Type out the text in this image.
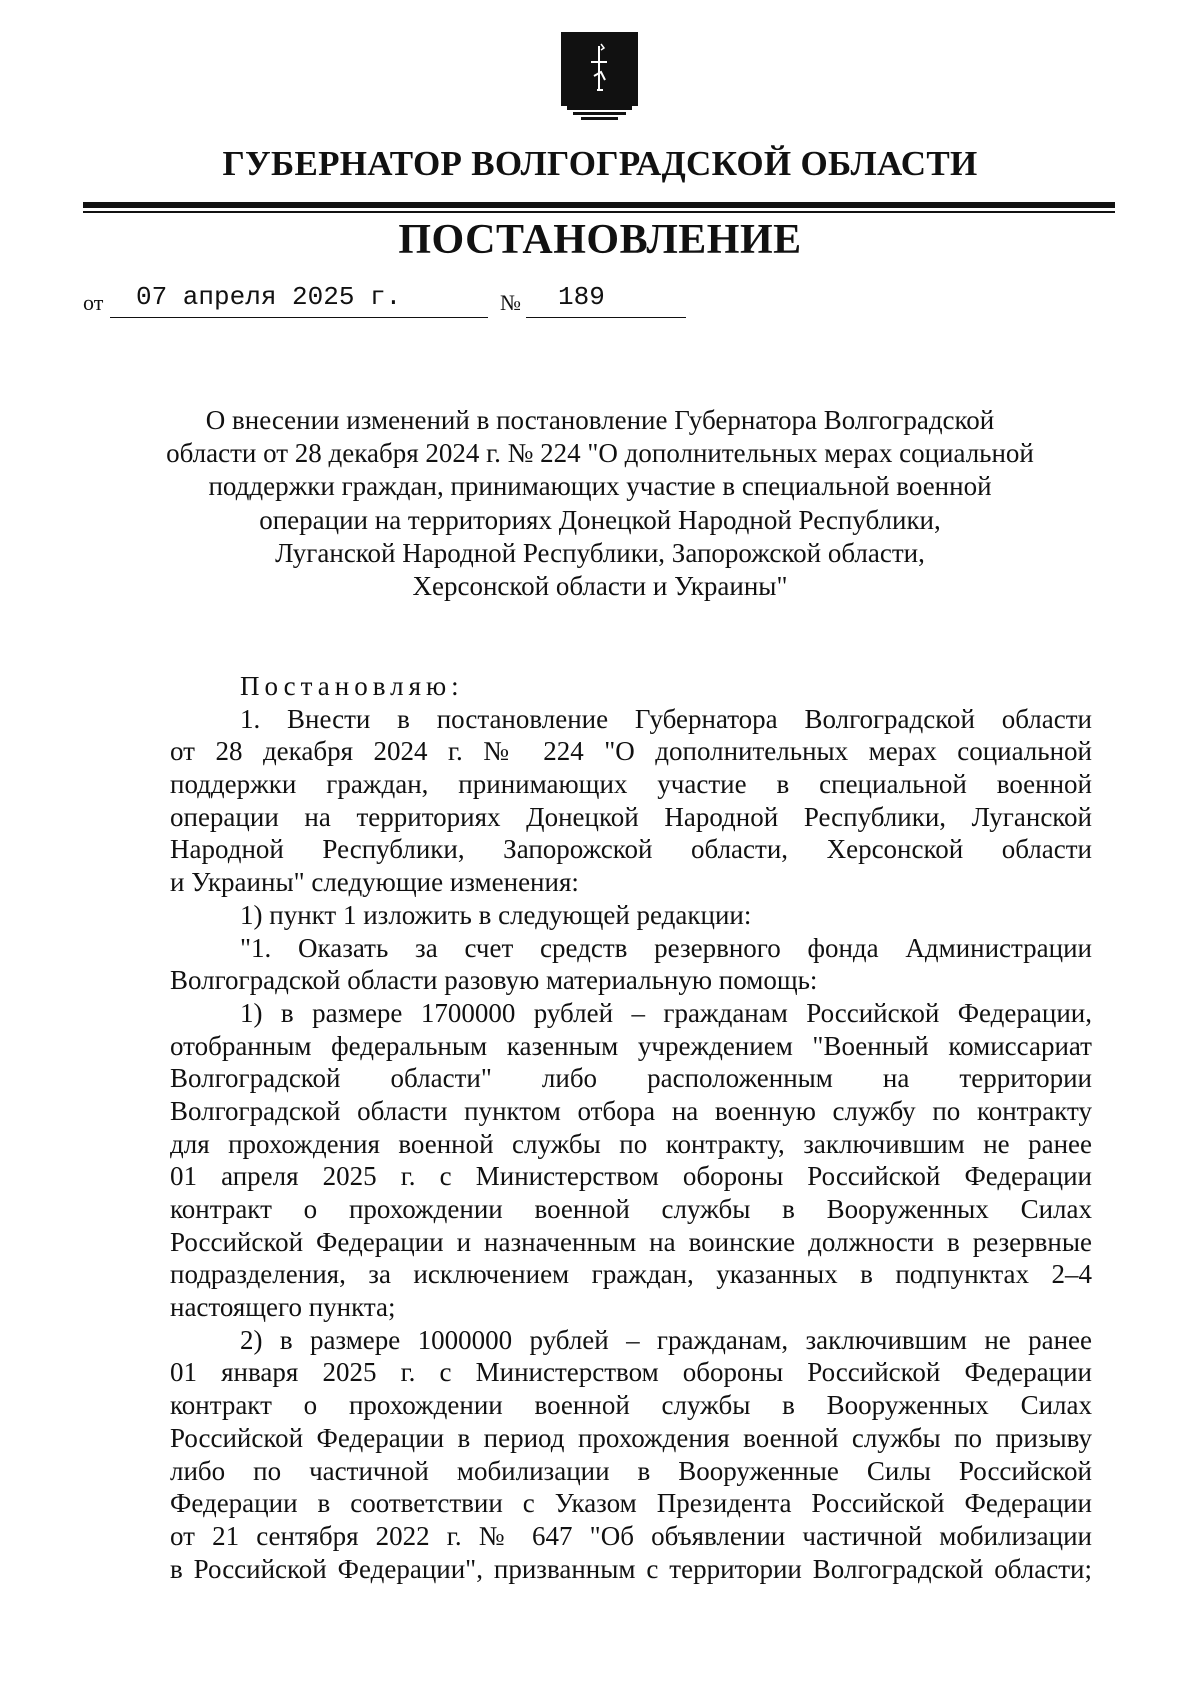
ГУБЕРНАТОР ВОЛГОГРАДСКОЙ ОБЛАСТИ
ПОСТАНОВЛЕНИЕ
от 07 апреля 2025 г.	№ 189
О внесении изменений в постановление Губернатора Волгоградской
области от 28 декабря 2024 г. № 224 "О дополнительных мерах социальной
поддержки граждан, принимающих участие в специальной военной
операции на территориях Донецкой Народной Республики,
Луганской Народной Республики, Запорожской области,
Херсонской области и Украины"
Постановляю:
1. Внести в постановление Губернатора Волгоградской области
от 28 декабря 2024 г. № 224 "О дополнительных мерах социальной
поддержки граждан, принимающих участие в специальной военной
операции на территориях Донецкой Народной Республики, Луганской
Народной Республики, Запорожской области, Херсонской области
и Украины" следующие изменения:
1) пункт 1 изложить в следующей редакции:
"1. Оказать за счет средств резервного фонда Администрации
Волгоградской области разовую материальную помощь:
1) в размере 1700000 рублей – гражданам Российской Федерации,
отобранным федеральным казенным учреждением "Военный комиссариат
Волгоградской области" либо расположенным на территории
Волгоградской области пунктом отбора на военную службу по контракту
для прохождения военной службы по контракту, заключившим не ранее
01 апреля 2025 г. с Министерством обороны Российской Федерации
контракт о прохождении военной службы в Вооруженных Силах
Российской Федерации и назначенным на воинские должности в резервные
подразделения, за исключением граждан, указанных в подпунктах 2–4
настоящего пункта;
2) в размере 1000000 рублей – гражданам, заключившим не ранее
01 января 2025 г. с Министерством обороны Российской Федерации
контракт о прохождении военной службы в Вооруженных Силах
Российской Федерации в период прохождения военной службы по призыву
либо по частичной мобилизации в Вооруженные Силы Российской
Федерации в соответствии с Указом Президента Российской Федерации
от 21 сентября 2022 г. № 647 "Об объявлении частичной мобилизации
в Российской Федерации", призванным с территории Волгоградской области;
